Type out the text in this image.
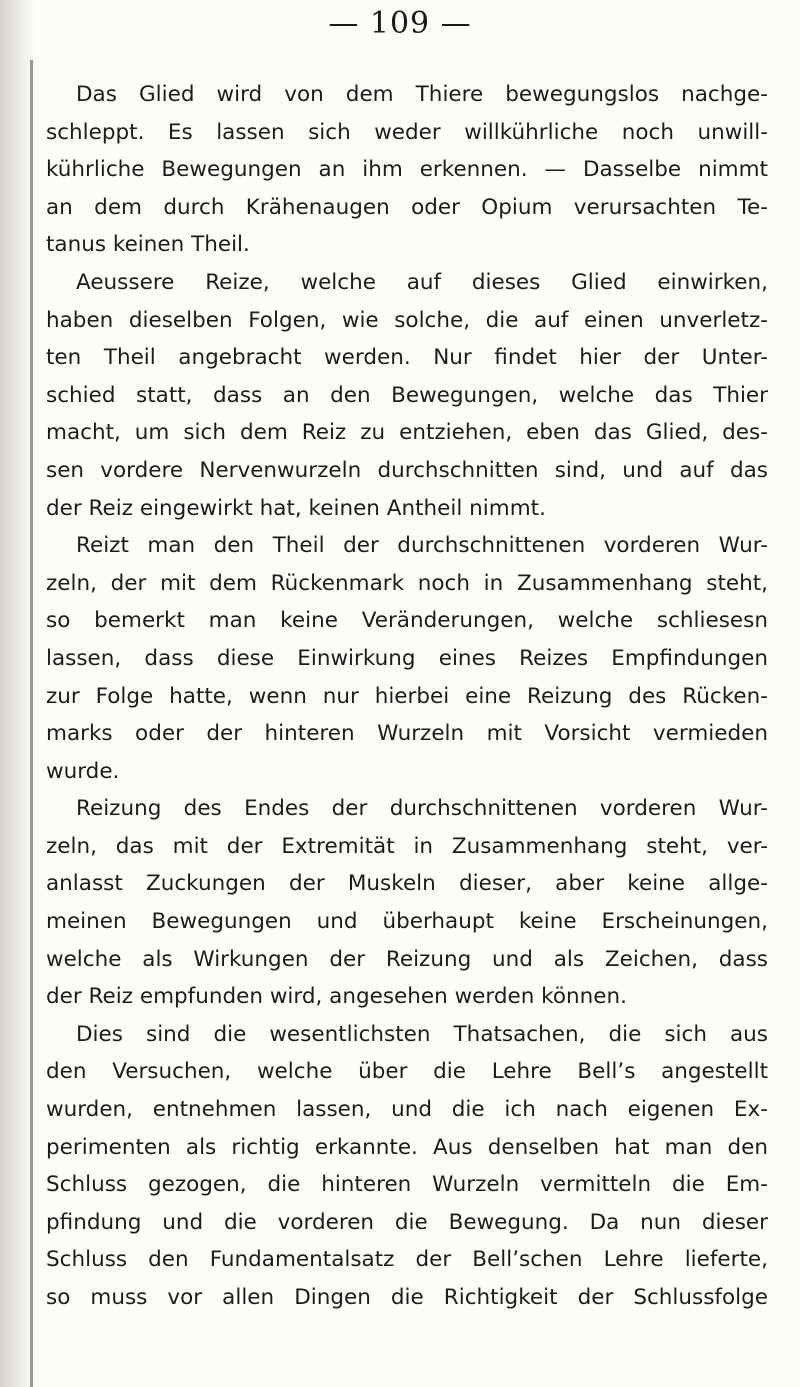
— 109 —
Das Glied wird von dem Thiere bewegungslos nachge-
schleppt. Es lassen sich weder willkührliche noch unwill-
kührliche Bewegungen an ihm erkennen. — Dasselbe nimmt
an dem durch Krähenaugen oder Opium verursachten Te-
tanus keinen Theil.
Aeussere Reize, welche auf dieses Glied einwirken,
haben dieselben Folgen, wie solche, die auf einen unverletz-
ten Theil angebracht werden. Nur findet hier der Unter-
schied statt, dass an den Bewegungen, welche das Thier
macht, um sich dem Reiz zu entziehen, eben das Glied, des-
sen vordere Nervenwurzeln durchschnitten sind, und auf das
der Reiz eingewirkt hat, keinen Antheil nimmt.
Reizt man den Theil der durchschnittenen vorderen Wur-
zeln, der mit dem Rückenmark noch in Zusammenhang steht,
so bemerkt man keine Veränderungen, welche schliesesn
lassen, dass diese Einwirkung eines Reizes Empfindungen
zur Folge hatte, wenn nur hierbei eine Reizung des Rücken-
marks oder der hinteren Wurzeln mit Vorsicht vermieden
wurde.
Reizung des Endes der durchschnittenen vorderen Wur-
zeln, das mit der Extremität in Zusammenhang steht, ver-
anlasst Zuckungen der Muskeln dieser, aber keine allge-
meinen Bewegungen und überhaupt keine Erscheinungen,
welche als Wirkungen der Reizung und als Zeichen, dass
der Reiz empfunden wird, angesehen werden können.
Dies sind die wesentlichsten Thatsachen, die sich aus
den Versuchen, welche über die Lehre Bell’s angestellt
wurden, entnehmen lassen, und die ich nach eigenen Ex-
perimenten als richtig erkannte. Aus denselben hat man den
Schluss gezogen, die hinteren Wurzeln vermitteln die Em-
pfindung und die vorderen die Bewegung. Da nun dieser
Schluss den Fundamentalsatz der Bell’schen Lehre lieferte,
so muss vor allen Dingen die Richtigkeit der Schlussfolge
